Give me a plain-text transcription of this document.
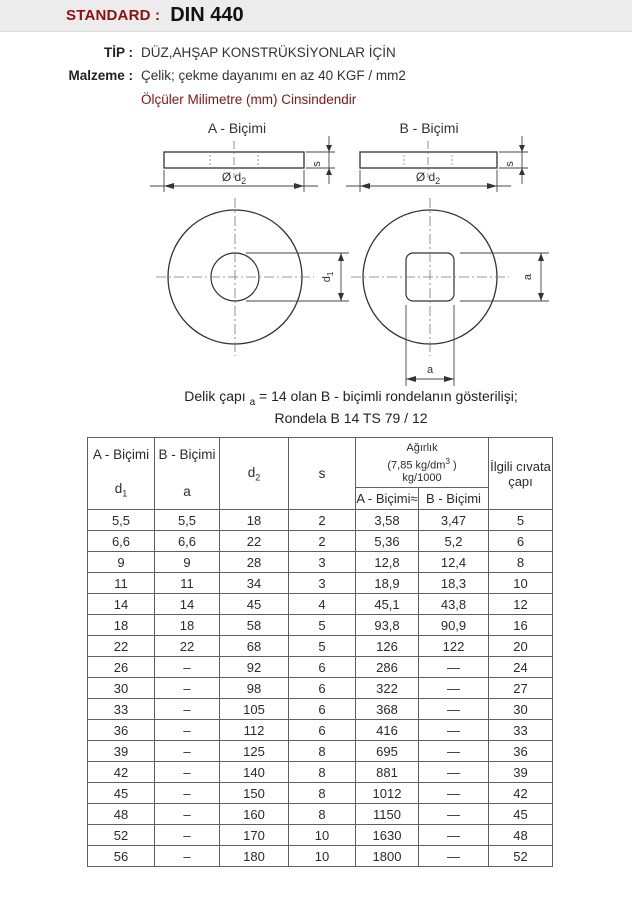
STANDARD : DIN 440
TİP : DÜZ,AHŞAP KONSTRÜKSİYONLAR İÇİN
Malzeme : Çelik; çekme dayanımı en az 40 KGF / mm2
Ölçüler Milimetre (mm) Cinsindendir
A - Biçimi
s
Ø $d_2$
B - Biçimi
s
Ø $d_2$
$d_1$	a
a
Delik çapı $_a$ = 14 olan B - biçimli rondelanın gösterilişi;
Rondela B 14 TS 79 / 12
A - Biçimi
$d_1$

B - Biçimi
a
	$d_2$	s	
Ağırlık
(7,85 $kg/dm^3$ )
kg/1000

İlgili cıvata çapı

				A - Biçimi≈	B - Biçimi	
5,5	5,5	18	2	3,58	3,47	5
6,6	6,6	22	2	5,36	5,2	6
9	9	28	3	12,8	12,4	8
11	11	34	3	18,9	18,3	10
14	14	45	4	45,1	43,8	12
18	18	58	5	93,8	90,9	16
22	22	68	5	126	122	20
26	–	92	6	286	—	24
30	–	98	6	322	—	27
33	–	105	6	368	—	30
36	–	112	6	416	—	33
39	–	125	8	695	—	36
42	–	140	8	881	—	39
45	–	150	8	1012	—	42
48	–	160	8	1150	—	45
52	–	170	10	1630	—	48
56	–	180	10	1800	—	52
